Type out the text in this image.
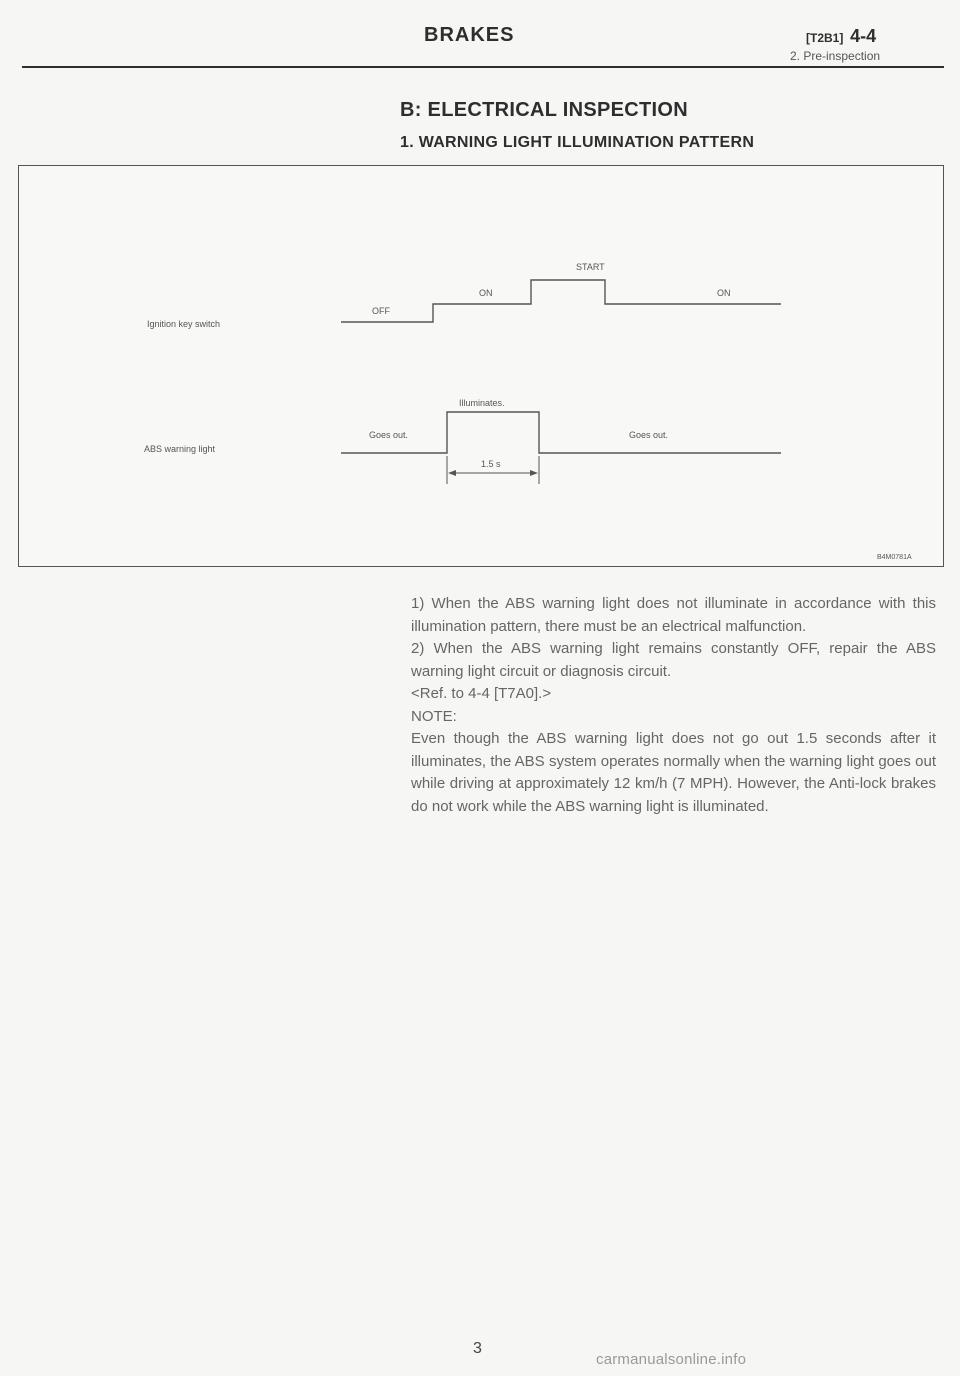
BRAKES	[T2B1] 4-4
2. Pre-inspection
B: ELECTRICAL INSPECTION
1. WARNING LIGHT ILLUMINATION PATTERN
Ignition key switch
ABS warning light
OFF
ON
START
ON
Illuminates.
Goes out.	Goes out.
1.5 s
B4M0781A

1) When the ABS warning light does not illuminate in accordance with this illumination pattern, there must be an electrical malfunction.

2) When the ABS warning light remains constantly OFF, repair the ABS warning light circuit or diagnosis circuit.

<Ref. to 4-4 [T7A0].>

NOTE:

Even though the ABS warning light does not go out 1.5 seconds after it illuminates, the ABS system operates normally when the warning light goes out while driving at approximately 12 km/h (7 MPH). However, the Anti-lock brakes do not work while the ABS warning light is illuminated.

3
carmanualsonline.info
